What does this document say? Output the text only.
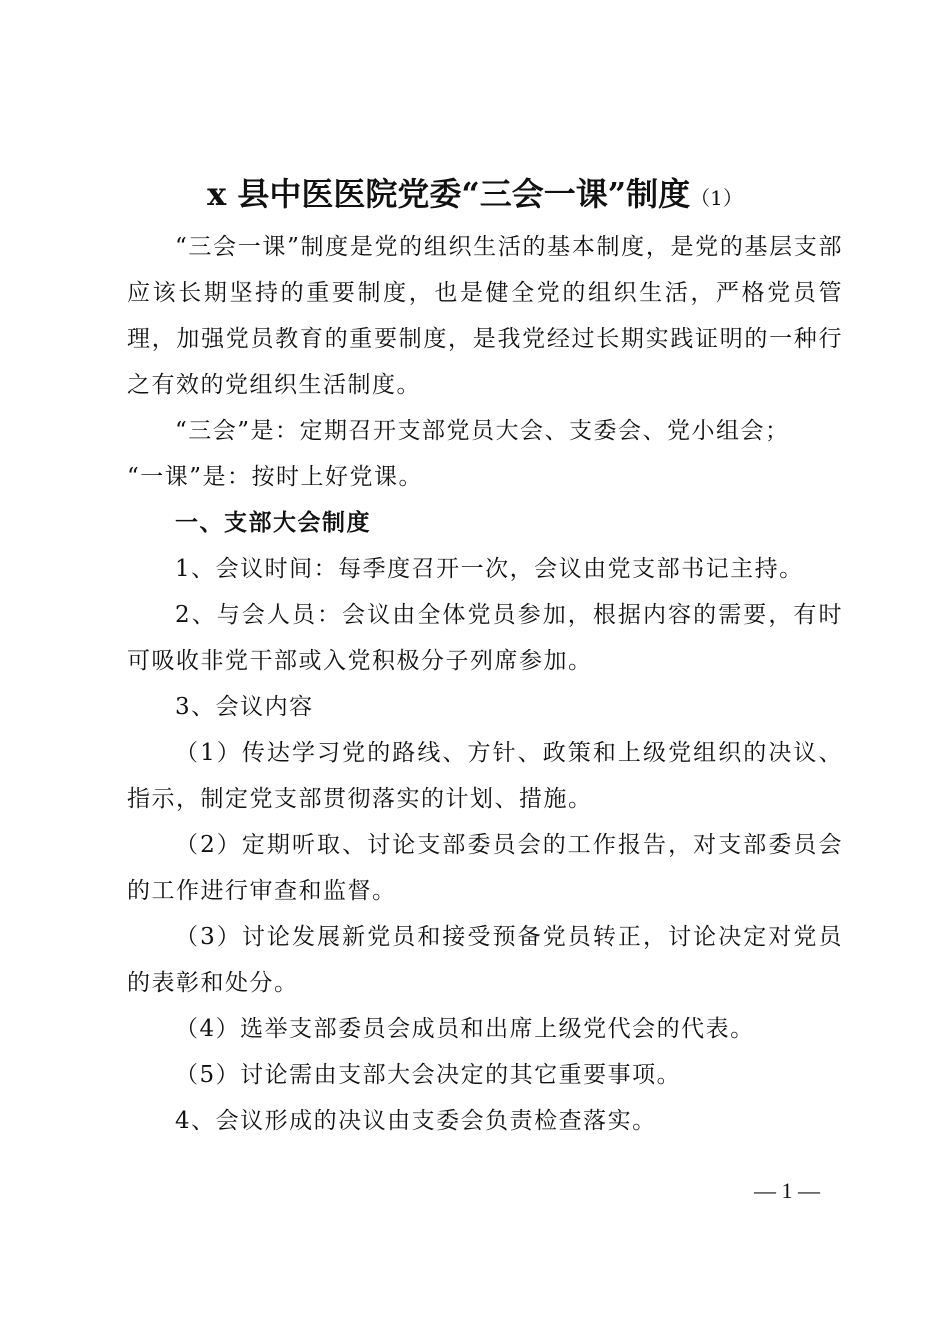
x 县中医医院党委“三会一课”制度（1）

“三会一课”制度是党的组织生活的基本制度，是党的基层支部应该长期坚持的重要制度，也是健全党的组织生活，严格党员管理，加强党员教育的重要制度，是我党经过长期实践证明的一种行之有效的党组织生活制度。

“三会”是：定期召开支部党员大会、支委会、党小组会；

“一课”是：按时上好党课。

一、支部大会制度

1、会议时间：每季度召开一次，会议由党支部书记主持。

2、与会人员：会议由全体党员参加，根据内容的需要，有时可吸收非党干部或入党积极分子列席参加。

3、会议内容

（1）传达学习党的路线、方针、政策和上级党组织的决议、指示，制定党支部贯彻落实的计划、措施。

（2）定期听取、讨论支部委员会的工作报告，对支部委员会的工作进行审查和监督。

（3）讨论发展新党员和接受预备党员转正，讨论决定对党员的表彰和处分。

（4）选举支部委员会成员和出席上级党代会的代表。

（5）讨论需由支部大会决定的其它重要事项。

4、会议形成的决议由支委会负责检查落实。

— 1 —
